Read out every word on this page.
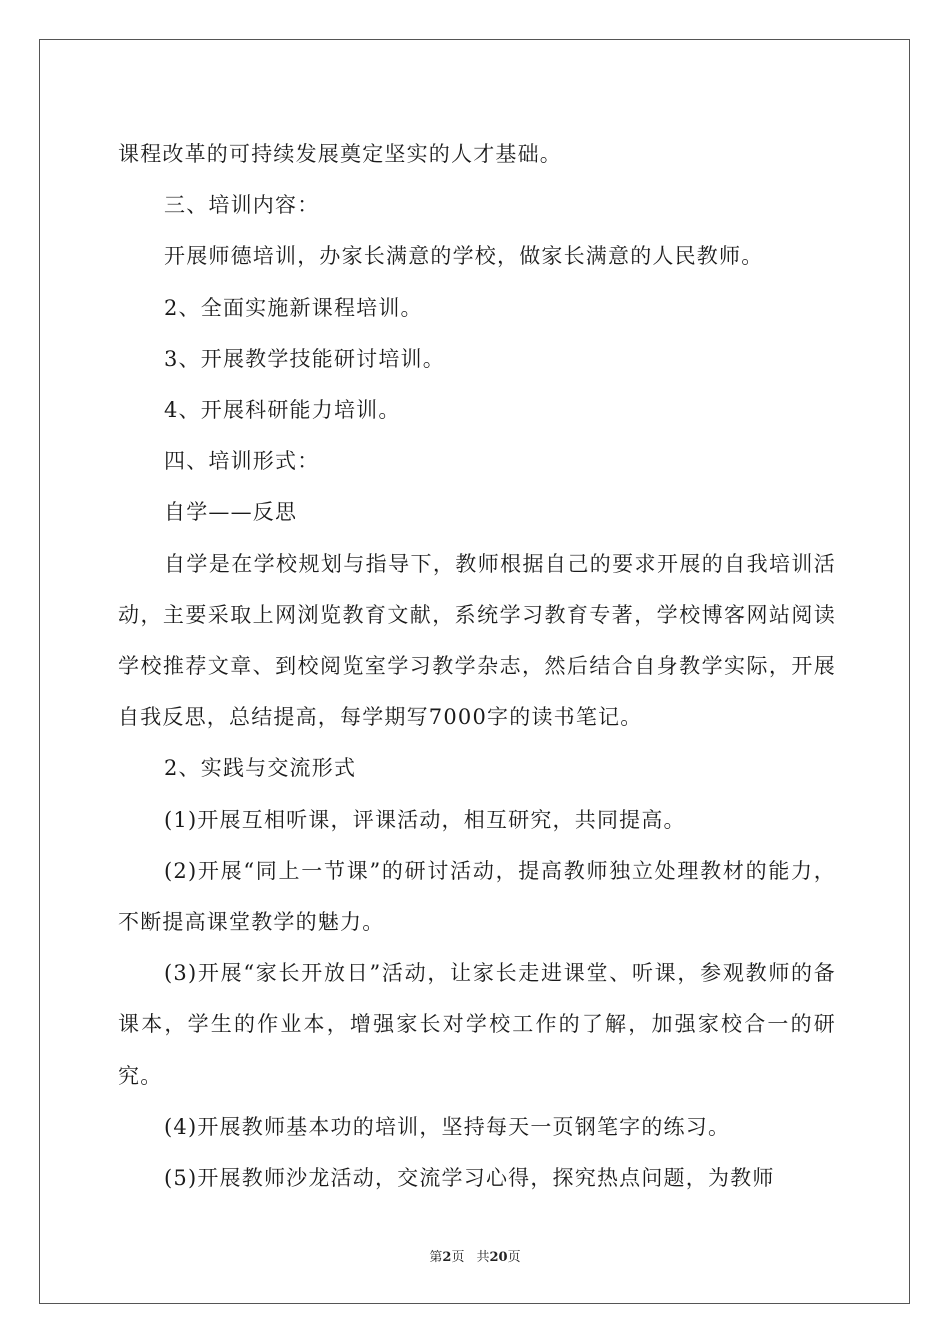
课程改革的可持续发展奠定坚实的人才基础。

三、培训内容：

开展师德培训，办家长满意的学校，做家长满意的人民教师。

2、全面实施新课程培训。

3、开展教学技能研讨培训。

4、开展科研能力培训。

四、培训形式：

自学——反思

自学是在学校规划与指导下，教师根据自己的要求开展的自我培训活动，主要采取上网浏览教育文献，系统学习教育专著，学校博客网站阅读学校推荐文章、到校阅览室学习教学杂志，然后结合自身教学实际，开展自我反思，总结提高，每学期写7000字的读书笔记。

2、实践与交流形式

(1)开展互相听课，评课活动，相互研究，共同提高。

(2)开展“同上一节课”的研讨活动，提高教师独立处理教材的能力，不断提高课堂教学的魅力。

(3)开展“家长开放日”活动，让家长走进课堂、听课，参观教师的备课本，学生的作业本，增强家长对学校工作的了解，加强家校合一的研究。

(4)开展教师基本功的培训，坚持每天一页钢笔字的练习。

(5)开展教师沙龙活动，交流学习心得，探究热点问题，为教师

第2页 共20页
